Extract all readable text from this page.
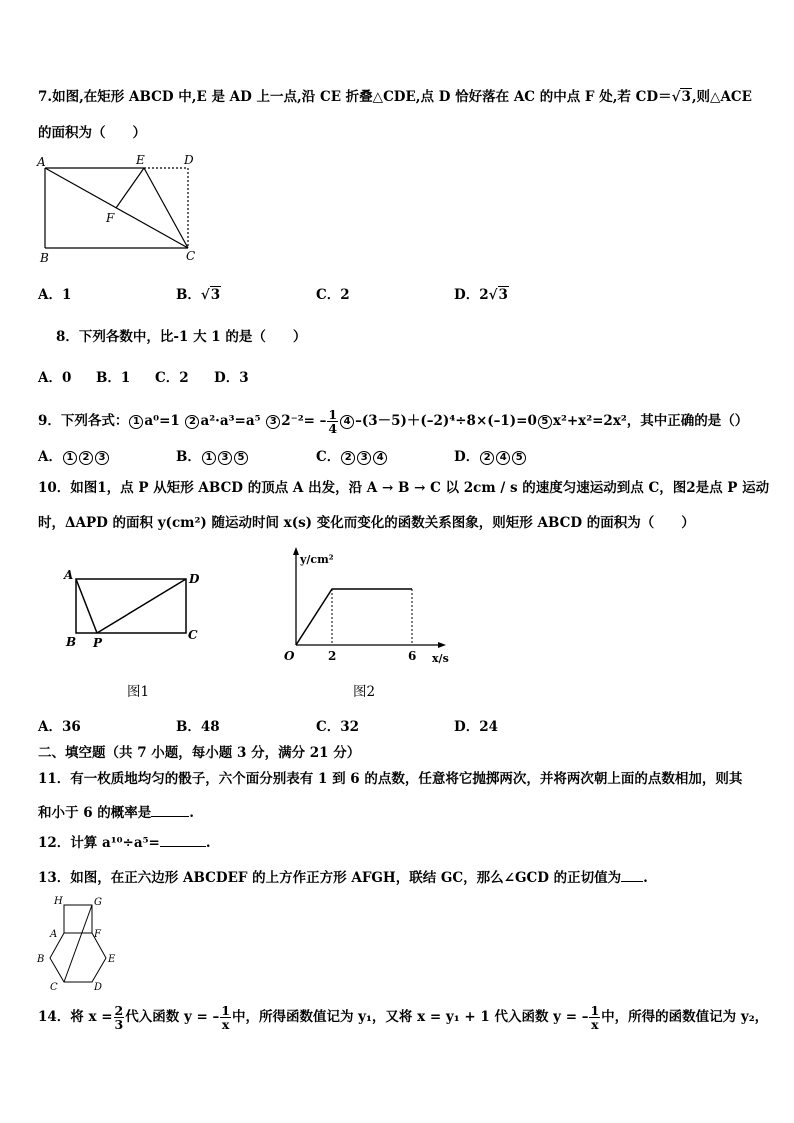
7.如图,在矩形 ABCD 中,E 是 AD 上一点,沿 CE 折叠△CDE,点 D 恰好落在 AC 的中点 F 处,若 CD＝√3,则△ACE
的面积为（　　）
A	E	D
F
B	C
A．1	B．√3	C．2	D．2√3
8．下列各数中，比-1 大 1 的是（　　）
A．0 B．1 C．2 D．3
9．下列各式： 1 a⁰=1 2 a²·a³=a⁵ 3 $2^{-2}= - \frac{1}{4} 4$ –(3－5)＋(–2)⁴÷8×(–1)=0 5 x²+x²=2x²，其中正确的是（）
A． 1 2 3	B． 1 3 5	C． 2 3 4	D． 2 4 5
10．如图1，点 P 从矩形 ABCD 的顶点 A 出发，沿 A → B → C 以 2cm / s 的速度匀速运动到点 C，图2是点 P 运动
时，ΔAPD 的面积 y(cm²) 随运动时间 x(s) 变化而变化的函数关系图象，则矩形 ABCD 的面积为（　　）
A	D
B P
C
y/cm²
O	2	6 x/s
图1	图2
A．36	B．48	C．32	D．24
二、填空题（共 7 小题，每小题 3 分，满分 21 分）
11．有一枚质地均匀的骰子，六个面分别表有 1 到 6 的点数，任意将它抛掷两次，并将两次朝上面的点数相加，则其
和小于 6 的概率是	.
12．计算 a¹⁰÷a⁵=	.
13．如图，在正六边形 ABCDEF 的上方作正方形 AFGH，联结 GC，那么∠GCD 的正切值为 .
H	G
A	F
B	E
C	D
14．将 $x = \frac{2}{3}$ 代入函数 y = – $\frac{1}{x}$ 中，所得函数值记为 y₁，又将 x = y₁ + 1 代入函数 y = – $\frac{1}{x}$ 中，所得的函数值记为 y₂，
